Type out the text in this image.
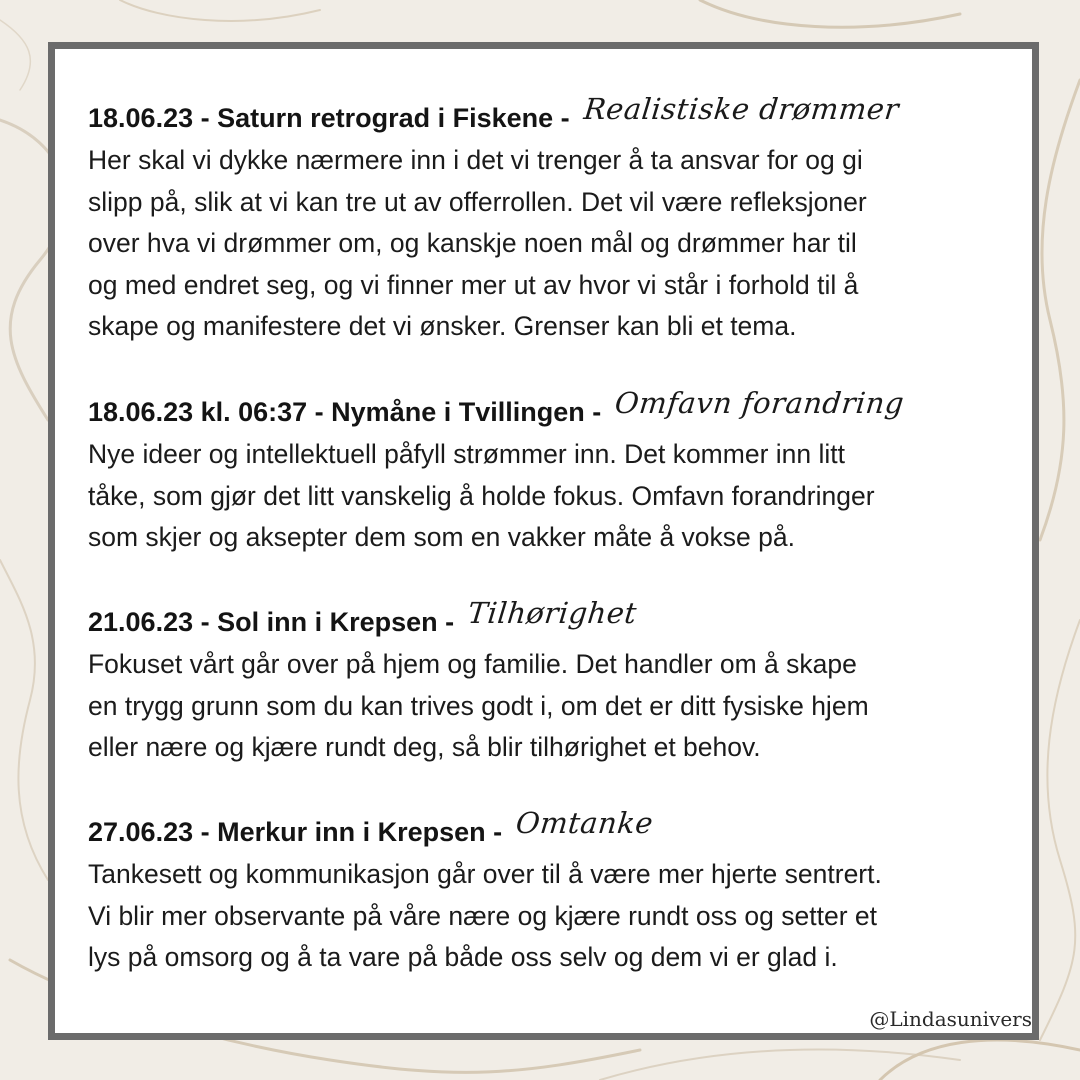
18.06.23 - Saturn retrograd i Fiskene - Realistiske drømmer

Her skal vi dykke nærmere inn i det vi trenger å ta ansvar for og gi

slipp på, slik at vi kan tre ut av offerrollen. Det vil være refleksjoner

over hva vi drømmer om, og kanskje noen mål og drømmer har til

og med endret seg, og vi finner mer ut av hvor vi står i forhold til å

skape og manifestere det vi ønsker. Grenser kan bli et tema.

18.06.23 kl. 06:37 - Nymåne i Tvillingen - Omfavn forandring

Nye ideer og intellektuell påfyll strømmer inn. Det kommer inn litt

tåke, som gjør det litt vanskelig å holde fokus. Omfavn forandringer

som skjer og aksepter dem som en vakker måte å vokse på.

21.06.23 - Sol inn i Krepsen - Tilhørighet

Fokuset vårt går over på hjem og familie. Det handler om å skape

en trygg grunn som du kan trives godt i, om det er ditt fysiske hjem

eller nære og kjære rundt deg, så blir tilhørighet et behov.

27.06.23 - Merkur inn i Krepsen - Omtanke

Tankesett og kommunikasjon går over til å være mer hjerte sentrert.

Vi blir mer observante på våre nære og kjære rundt oss og setter et

lys på omsorg og å ta vare på både oss selv og dem vi er glad i.

@Lindasunivers
